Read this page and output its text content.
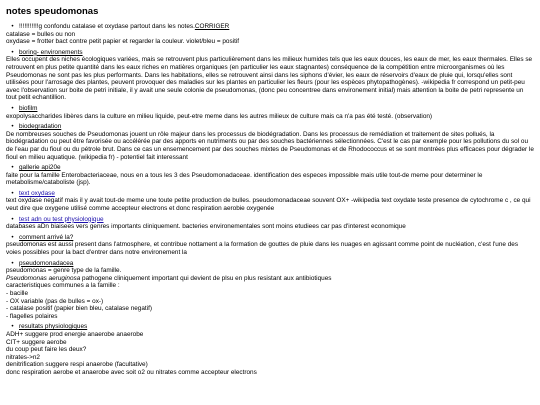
notes speudomonas
• !!!!!!!!!!!g confondu catalase et oxydase partout dans les notes. CORRIGER

catalase = bulles ou non

oxydase = frotter bact contre petit papier et regarder la couleur. violet/bleu = positif

• boring- environements

Elles occupent des niches écologiques variées, mais se retrouvent plus particulièrement dans les milieux humides tels que les eaux douces, les eaux de mer, les eaux thermales. Elles se retrouvent en plus petite quantité dans les eaux riches en matières organiques (en particulier les eaux stagnantes) conséquence de la compétition entre microorganismes où les Pseudomonas ne sont pas les plus performants. Dans les habitations, elles se retrouvent ainsi dans les siphons d'évier, les eaux de réservoirs d'eaux de pluie qui, lorsqu'elles sont utilisées pour l'arrosage des plantes, peuvent provoquer des maladies sur les plantes en particulier les fleurs (pour les espèces phytopathogènes). -wikipedia fr correspond un petit-peu avec l'observation sur boite de petri initiale, il y avait une seule colonie de pseudomonas, (donc peu concentree dans environement initial) mais attention la boite de petri represente un tout petit echantillion.

• biofilm

exopolysaccharides libères dans la culture en milieu liquide, peut-etre meme dans les autres milieux de culture mais ca n'a pas été testé. (observation)

• biodegradation

De nombreuses souches de Pseudomonas jouent un rôle majeur dans les processus de biodégradation. Dans les processus de remédiation et traitement de sites pollués, la biodégradation ou peut être favorisée ou accélérée par des apports en nutriments ou par des souches bactériennes sélectionnées. C'est le cas par exemple pour les pollutions du sol ou de l'eau par du fioul ou du pétrole brut. Dans ce cas un ensemencement par des souches mixtes de Pseudomonas et de Rhodococcus et se sont montrées plus efficaces pour dégrader le fioul en milieu aquatique. (wikipedia fr) - potentiel fait interessant

• gallerie api20e

faite pour la famille Enterobacteriaceae, nous en a tous les 3 des Pseudomonadaceae. identification des especes impossible mais utile tout-de meme pour determiner le metabolisme/cataboliste (jsp).

• text oxydase

text oxydase negatif mais il y avait tout-de meme une toute petite production de bulles. pseudomonadaceae souvent OX+ -wikipedia text oxydate teste presence de cytochrome c , ce qui veut dire que oxygene utilisé comme accepteur electrons et donc respiration aerobie oxygenée

• test adn ou test physiologique

databases aDn biaisees vers genres importants cliniquement. bacteries environementales sont moins etudiees car pas d'interest economique

• comment arrivé la?

pseudomonas est aussi present dans l'atmosphere, et contribue nottament a la formation de gouttes de pluie dans les nuages en agissant comme point de nucléation, c'est l'une des voies possibles pour la bact d'entrer dans notre environement la

• pseudomonadacea

pseudomonas = genre type de la famille.

Pseudomonas aeruginosa pathogene cliniquement important qui devient de plsu en plus resistant aux antibiotiques

caracteristiques communes a la famille :

- bacille

- OX variable (pas de bulles = ox-)

- catalase positif (papier bien bleu, catalase negatif)

- flagelles polaires

• resultats physiologiques

ADH+ suggere prod energie anaerobe anaerobe

CIT+ suggere aerobe

du coup peut faire les deux?

nitrates->n2

denitrification suggere respi anaerobe (facultative)

donc respiration aerobe et anaerobe avec soit o2 ou nitrates comme accepteur electrons
